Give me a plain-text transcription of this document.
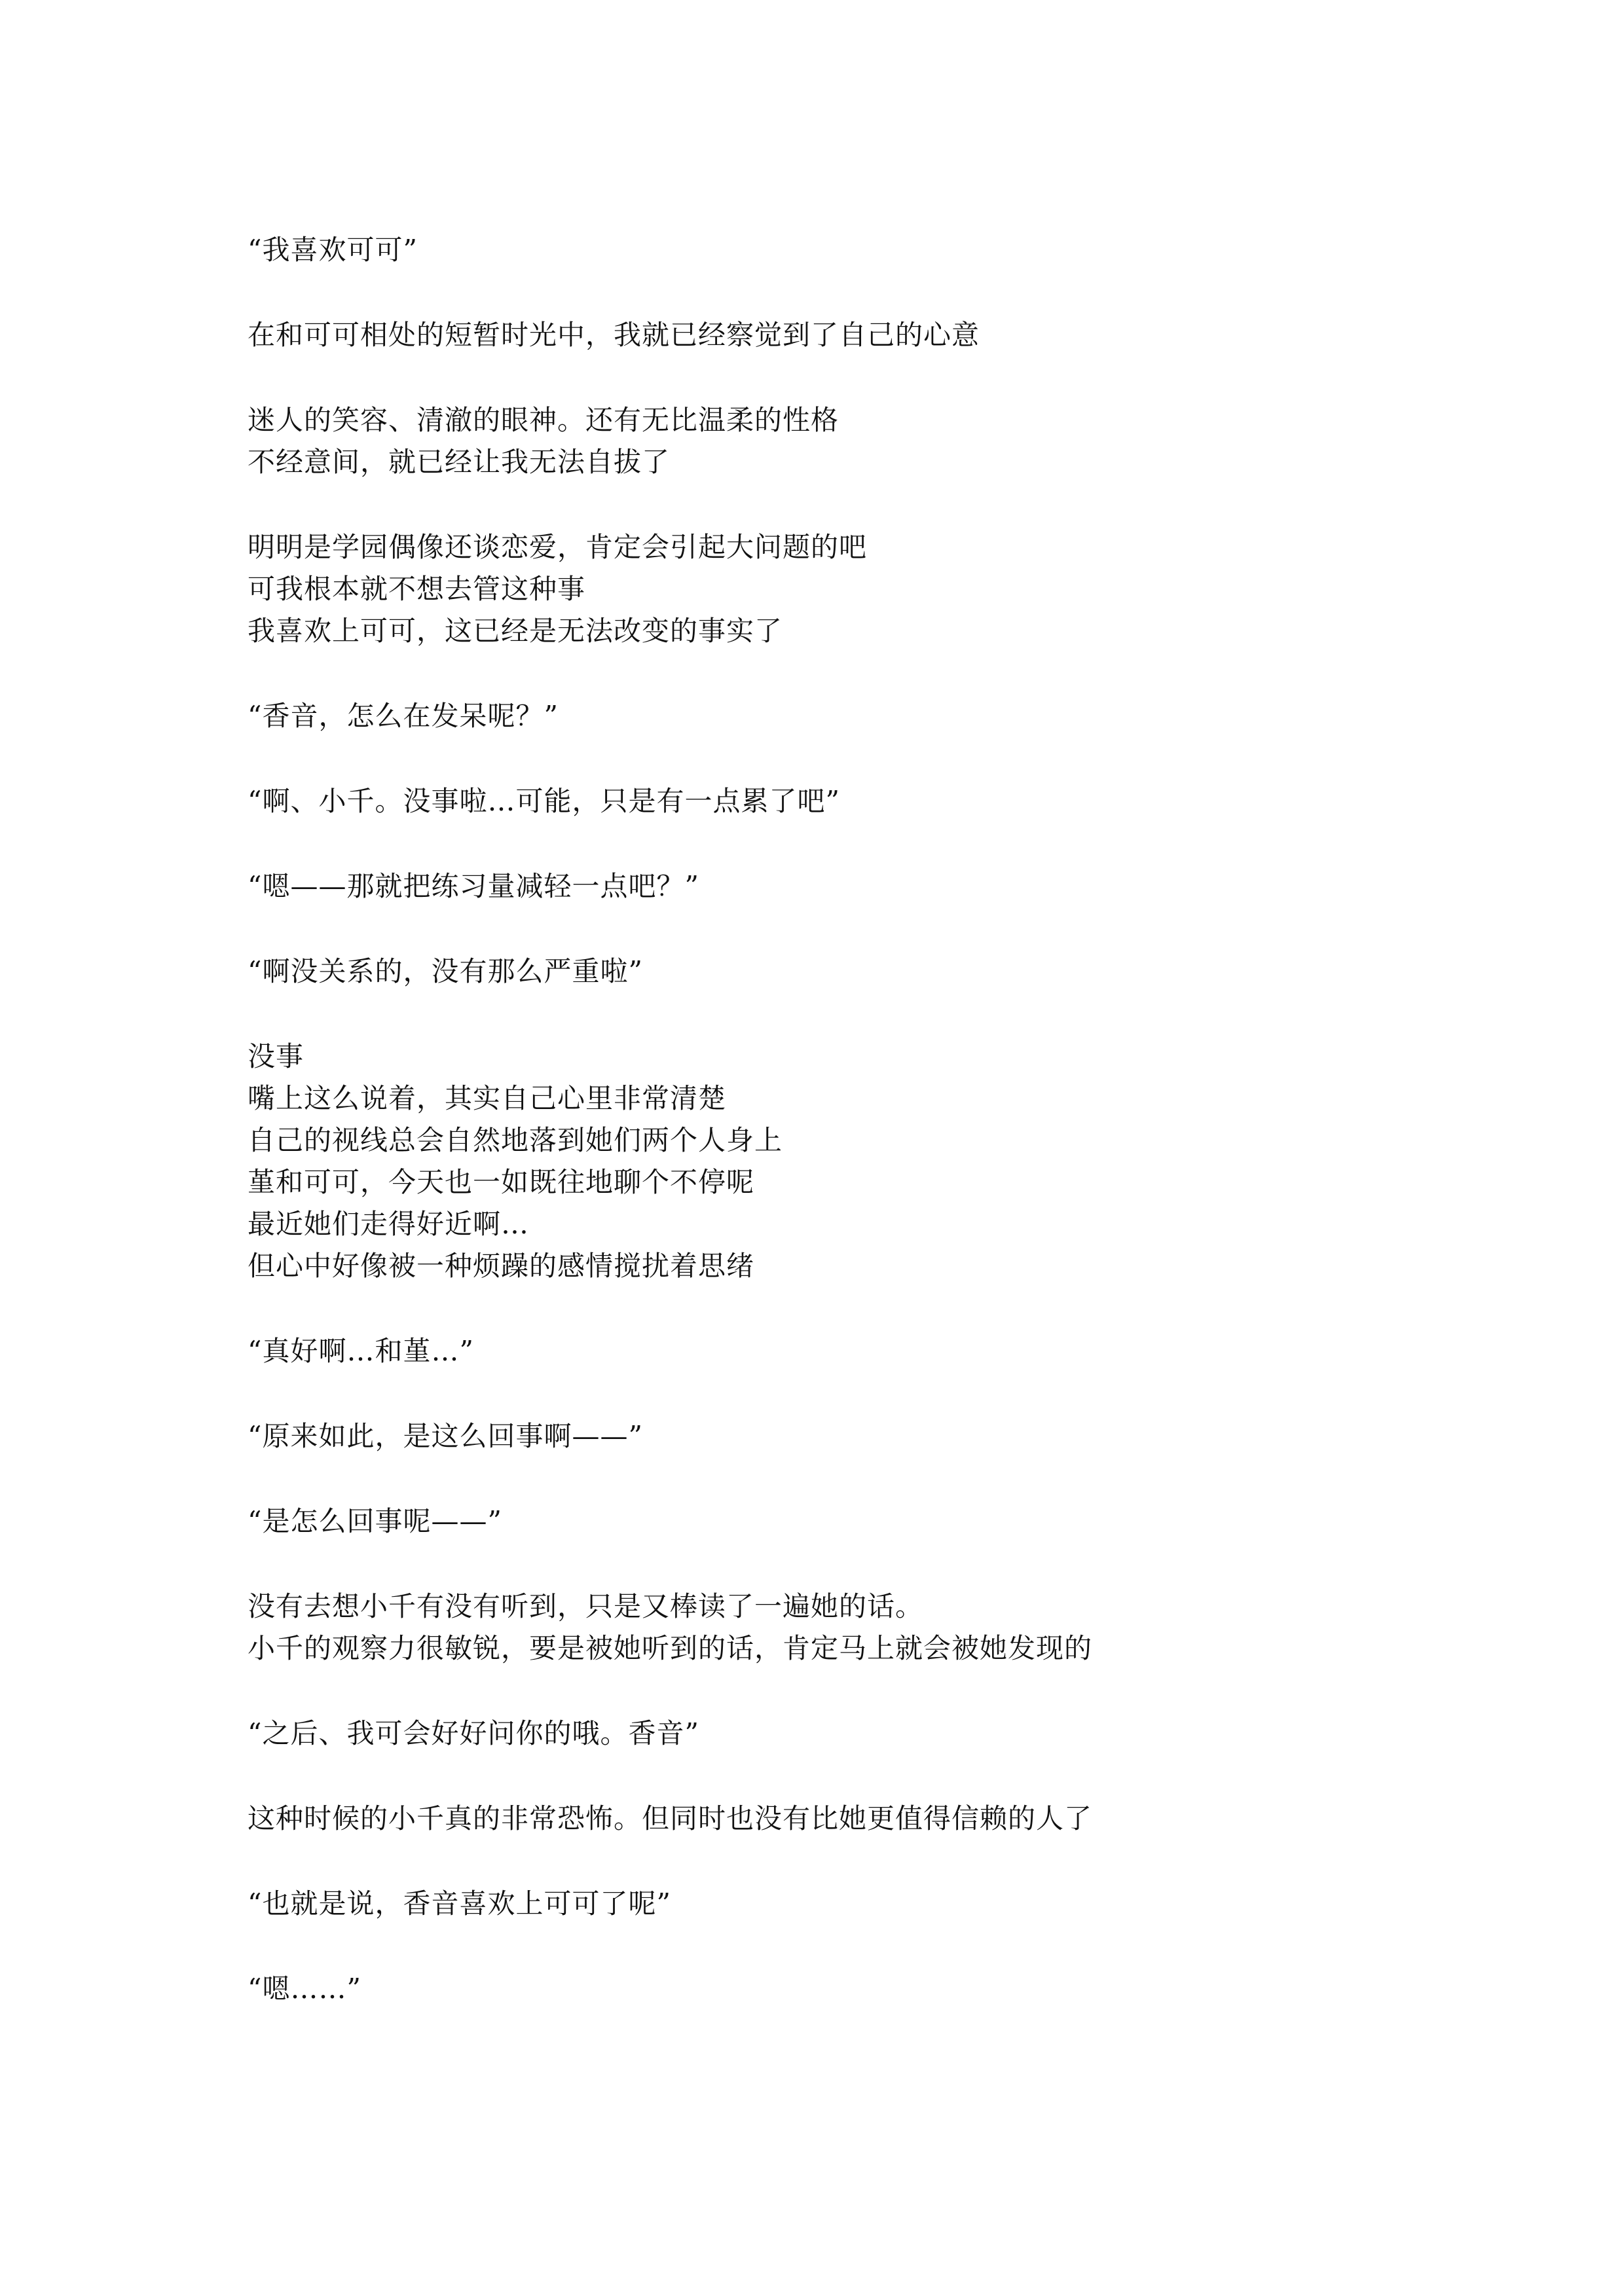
“我喜欢可可”
在和可可相处的短暂时光中，我就已经察觉到了自己的心意
迷人的笑容、清澈的眼神。还有无比温柔的性格
不经意间，就已经让我无法自拔了
明明是学园偶像还谈恋爱，肯定会引起大问题的吧
可我根本就不想去管这种事
我喜欢上可可，这已经是无法改变的事实了
“香音，怎么在发呆呢？”
“啊、小千。没事啦…可能，只是有一点累了吧”
“嗯——那就把练习量减轻一点吧？”
“啊没关系的，没有那么严重啦”
没事
嘴上这么说着，其实自己心里非常清楚
自己的视线总会自然地落到她们两个人身上
堇和可可，今天也一如既往地聊个不停呢
最近她们走得好近啊…
但心中好像被一种烦躁的感情搅扰着思绪
“真好啊…和堇…”
“原来如此，是这么回事啊——”
“是怎么回事呢——”
没有去想小千有没有听到，只是又棒读了一遍她的话。
小千的观察力很敏锐，要是被她听到的话，肯定马上就会被她发现的
“之后、我可会好好问你的哦。香音”
这种时候的小千真的非常恐怖。但同时也没有比她更值得信赖的人了
“也就是说，香音喜欢上可可了呢”
“嗯……”
